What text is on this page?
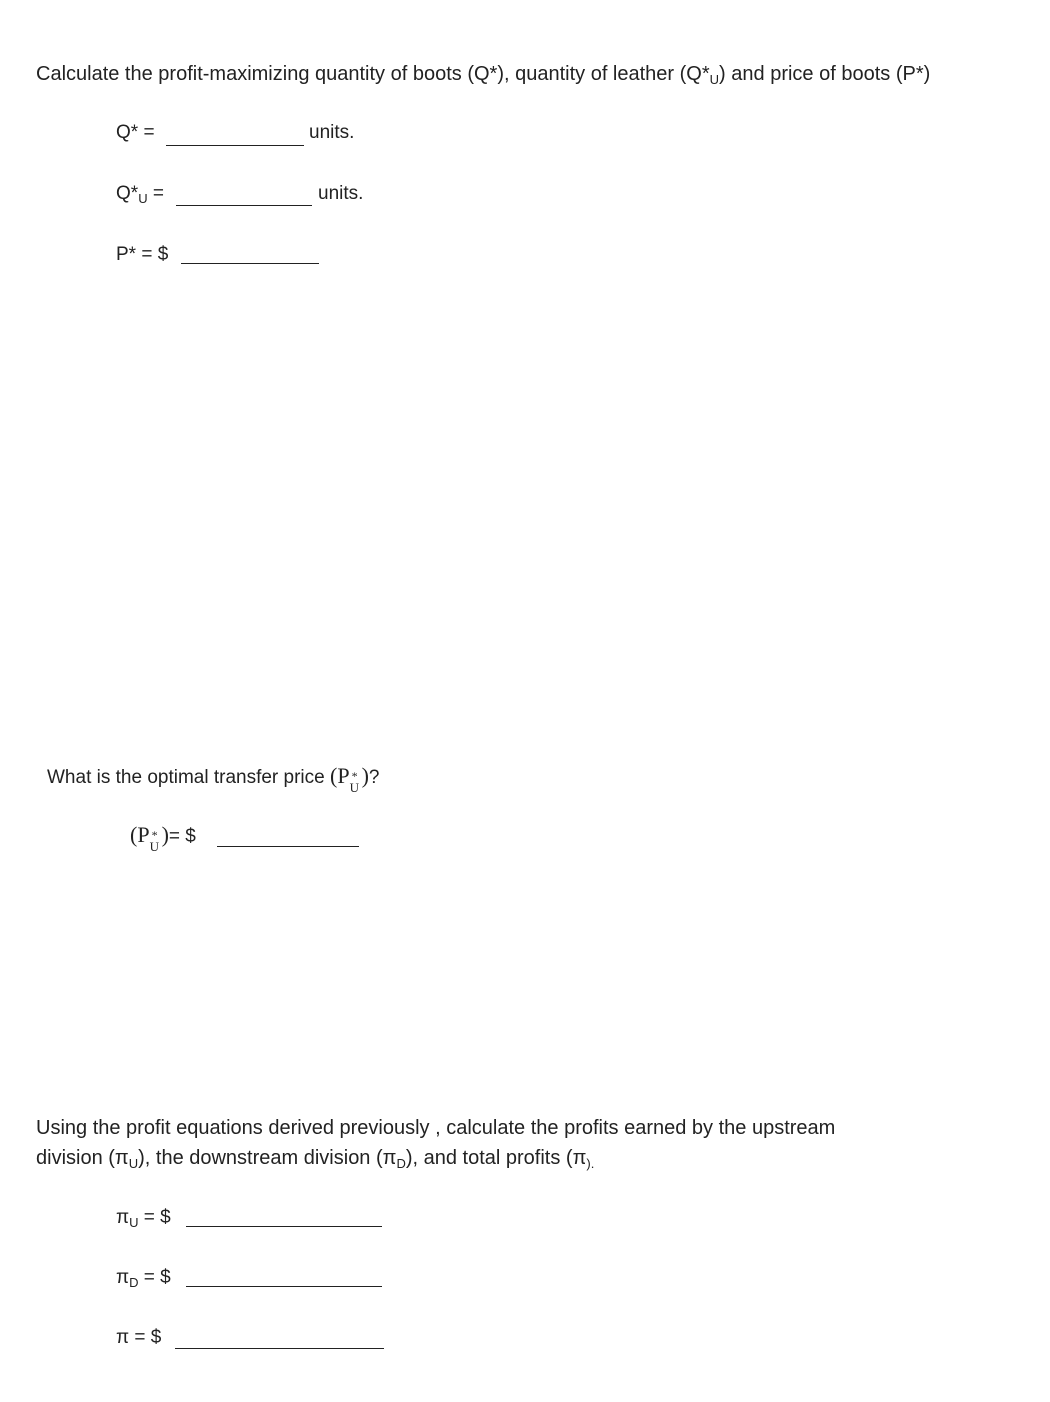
Calculate the profit-maximizing quantity of boots (Q*), quantity of leather $(Q*_U)$ and price of boots (P*)
Q* =	units.
$Q*_U$ =	units.
P* = $
What is the optimal transfer price (P *
U )?
(P *
U )= $
Using the profit equations derived previously , calculate the profits earned by the upstream
division $(\pi_U)$, the downstream division $(\pi_D)$, and total profits ($\pi_{).}$
$\pi_U$ = $
$\pi_D$ = $
π = $
